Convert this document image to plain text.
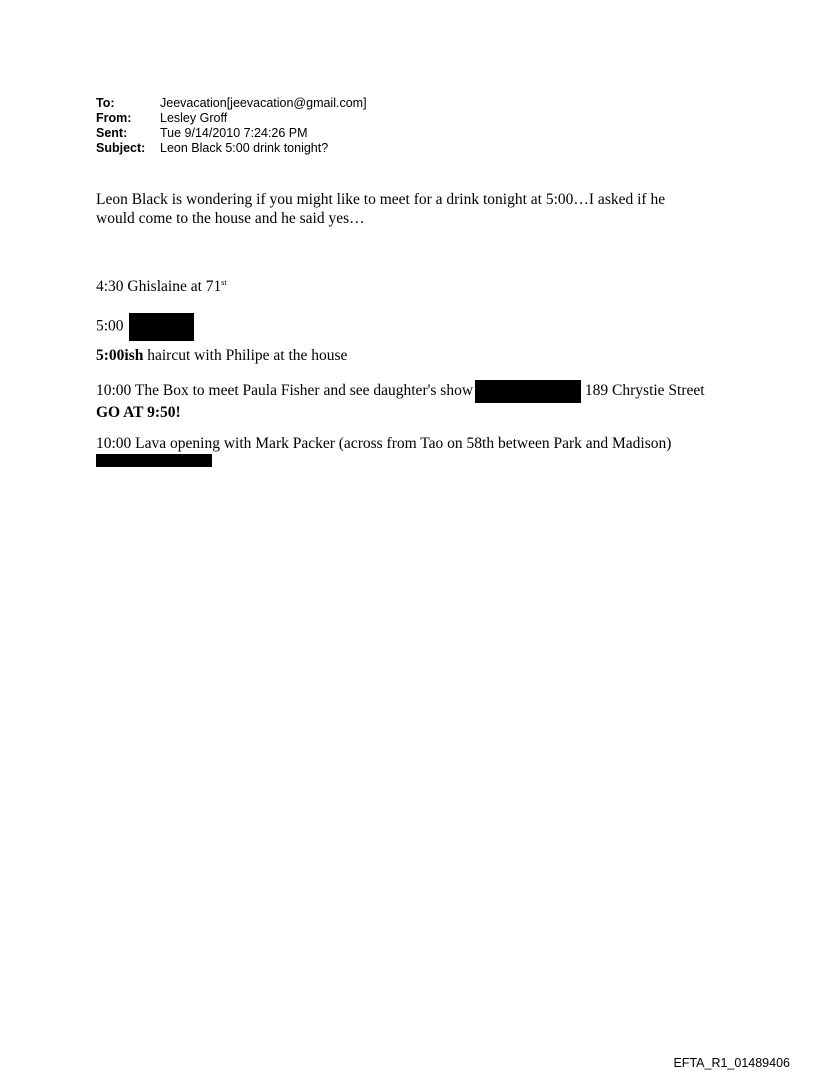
To:	Jeevacation[jeevacation@gmail.com]
From:	Lesley Groff
Sent:	Tue 9/14/2010 7:24:26 PM
Subject:	Leon Black 5:00 drink tonight?
Leon Black is wondering if you might like to meet for a drink tonight at 5:00…I asked if he
would come to the house and he said yes…
4:30 Ghislaine at 71st
5:00
5:00ish haircut with Philipe at the house
10:00 The Box to meet Paula Fisher and see daughter's show	189 Chrystie Street
GO AT 9:50!
10:00 Lava opening with Mark Packer (across from Tao on 58th between Park and Madison)
EFTA_R1_01489406
